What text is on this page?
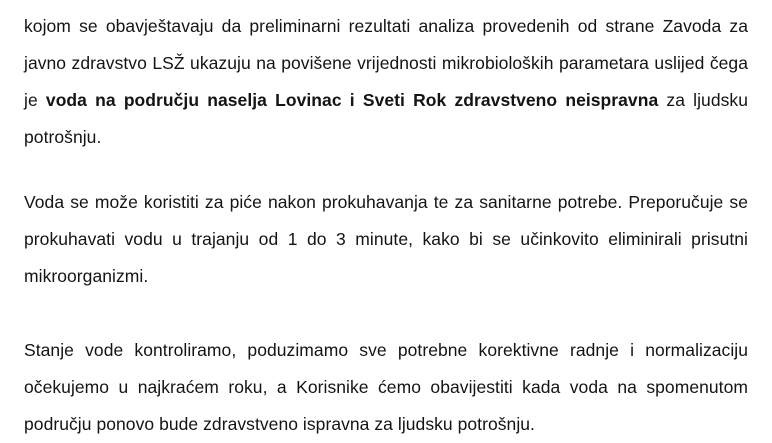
kojom se obavještavaju da preliminarni rezultati analiza provedenih od strane Zavoda za javno zdravstvo LSŽ ukazuju na povišene vrijednosti mikrobioloških parametara uslijed čega je voda na području naselja Lovinac i Sveti Rok zdravstveno neispravna za ljudsku potrošnju.

Voda se može koristiti za piće nakon prokuhavanja te za sanitarne potrebe. Preporučuje se prokuhavati vodu u trajanju od 1 do 3 minute, kako bi se učinkovito eliminirali prisutni mikroorganizmi.

Stanje vode kontroliramo, poduzimamo sve potrebne korektivne radnje i normalizaciju očekujemo u najkraćem roku, a Korisnike ćemo obavijestiti kada voda na spomenutom području ponovo bude zdravstveno ispravna za ljudsku potrošnju.
